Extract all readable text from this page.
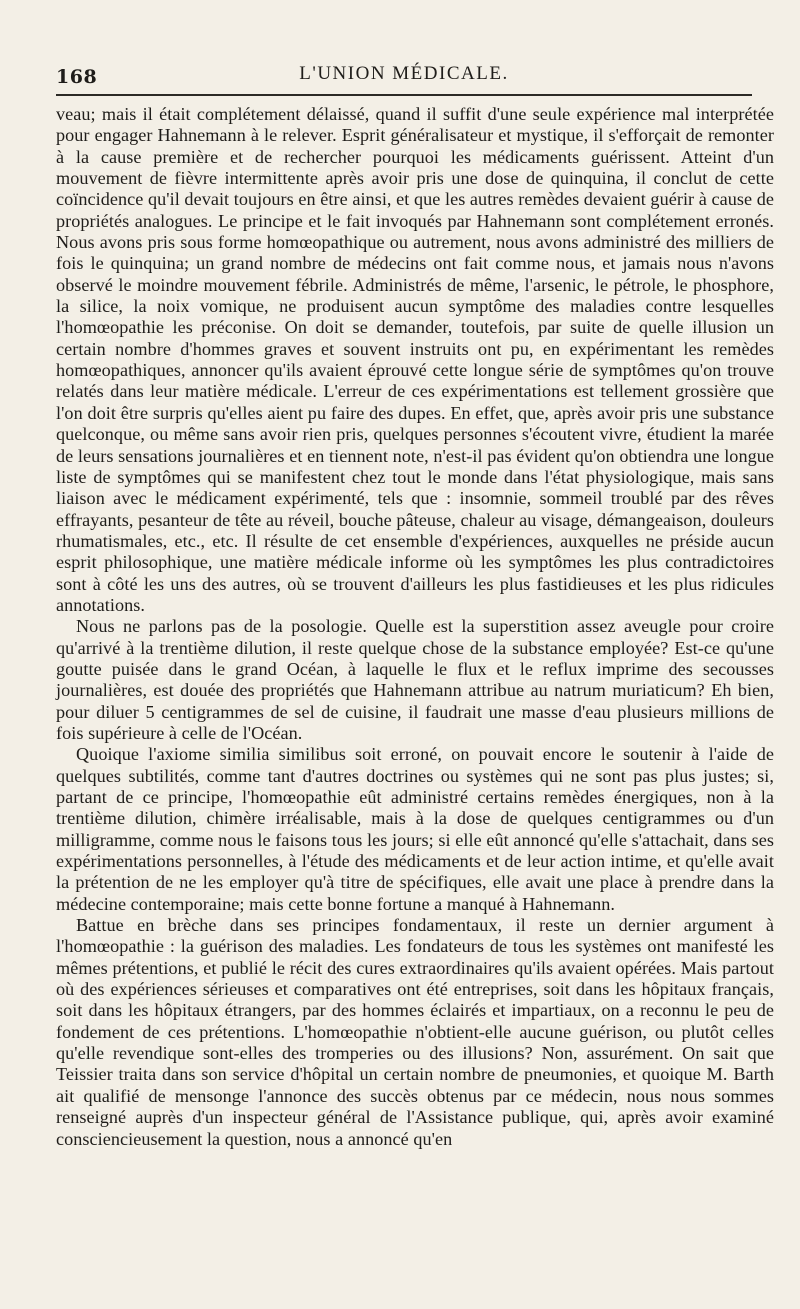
168	L'UNION MÉDICALE.

veau; mais il était complétement délaissé, quand il suffit d'une seule expérience mal interprétée pour engager Hahnemann à le relever. Esprit généralisateur et mystique, il s'efforçait de remonter à la cause première et de rechercher pourquoi les médicaments guérissent. Atteint d'un mouvement de fièvre intermittente après avoir pris une dose de quinquina, il conclut de cette coïncidence qu'il devait toujours en être ainsi, et que les autres remèdes devaient guérir à cause de propriétés analogues. Le principe et le fait invoqués par Hahnemann sont complétement erronés. Nous avons pris sous forme homœopathique ou autrement, nous avons administré des milliers de fois le quinquina; un grand nombre de médecins ont fait comme nous, et jamais nous n'avons observé le moindre mouvement fébrile. Administrés de même, l'arsenic, le pétrole, le phosphore, la silice, la noix vomique, ne produisent aucun symptôme des maladies contre lesquelles l'homœopathie les préconise. On doit se demander, toutefois, par suite de quelle illusion un certain nombre d'hommes graves et souvent instruits ont pu, en expérimentant les remèdes homœopathiques, annoncer qu'ils avaient éprouvé cette longue série de symptômes qu'on trouve relatés dans leur matière médicale. L'erreur de ces expérimentations est tellement grossière que l'on doit être surpris qu'elles aient pu faire des dupes. En effet, que, après avoir pris une substance quelconque, ou même sans avoir rien pris, quelques personnes s'écoutent vivre, étudient la marée de leurs sensations journalières et en tiennent note, n'est-il pas évident qu'on obtiendra une longue liste de symptômes qui se manifestent chez tout le monde dans l'état physiologique, mais sans liaison avec le médicament expérimenté, tels que : insomnie, sommeil troublé par des rêves effrayants, pesanteur de tête au réveil, bouche pâteuse, chaleur au visage, démangeaison, douleurs rhumatismales, etc., etc. Il résulte de cet ensemble d'expériences, auxquelles ne préside aucun esprit philosophique, une matière médicale informe où les symptômes les plus contradictoires sont à côté les uns des autres, où se trouvent d'ailleurs les plus fastidieuses et les plus ridicules annotations.

Nous ne parlons pas de la posologie. Quelle est la superstition assez aveugle pour croire qu'arrivé à la trentième dilution, il reste quelque chose de la substance employée? Est-ce qu'une goutte puisée dans le grand Océan, à laquelle le flux et le reflux imprime des secousses journalières, est douée des propriétés que Hahnemann attribue au natrum muriaticum? Eh bien, pour diluer 5 centigrammes de sel de cuisine, il faudrait une masse d'eau plusieurs millions de fois supérieure à celle de l'Océan.

Quoique l'axiome similia similibus soit erroné, on pouvait encore le soutenir à l'aide de quelques subtilités, comme tant d'autres doctrines ou systèmes qui ne sont pas plus justes; si, partant de ce principe, l'homœopathie eût administré certains remèdes énergiques, non à la trentième dilution, chimère irréalisable, mais à la dose de quelques centigrammes ou d'un milligramme, comme nous le faisons tous les jours; si elle eût annoncé qu'elle s'attachait, dans ses expérimentations personnelles, à l'étude des médicaments et de leur action intime, et qu'elle avait la prétention de ne les employer qu'à titre de spécifiques, elle avait une place à prendre dans la médecine contemporaine; mais cette bonne fortune a manqué à Hahnemann.

Battue en brèche dans ses principes fondamentaux, il reste un dernier argument à l'homœopathie : la guérison des maladies. Les fondateurs de tous les systèmes ont manifesté les mêmes prétentions, et publié le récit des cures extraordinaires qu'ils avaient opérées. Mais partout où des expériences sérieuses et comparatives ont été entreprises, soit dans les hôpitaux français, soit dans les hôpitaux étrangers, par des hommes éclairés et impartiaux, on a reconnu le peu de fondement de ces prétentions. L'homœopathie n'obtient-elle aucune guérison, ou plutôt celles qu'elle revendique sont-elles des tromperies ou des illusions? Non, assurément. On sait que Teissier traita dans son service d'hôpital un certain nombre de pneumonies, et quoique M. Barth ait qualifié de mensonge l'annonce des succès obtenus par ce médecin, nous nous sommes renseigné auprès d'un inspecteur général de l'Assistance publique, qui, après avoir examiné consciencieusement la question, nous a annoncé qu'en
